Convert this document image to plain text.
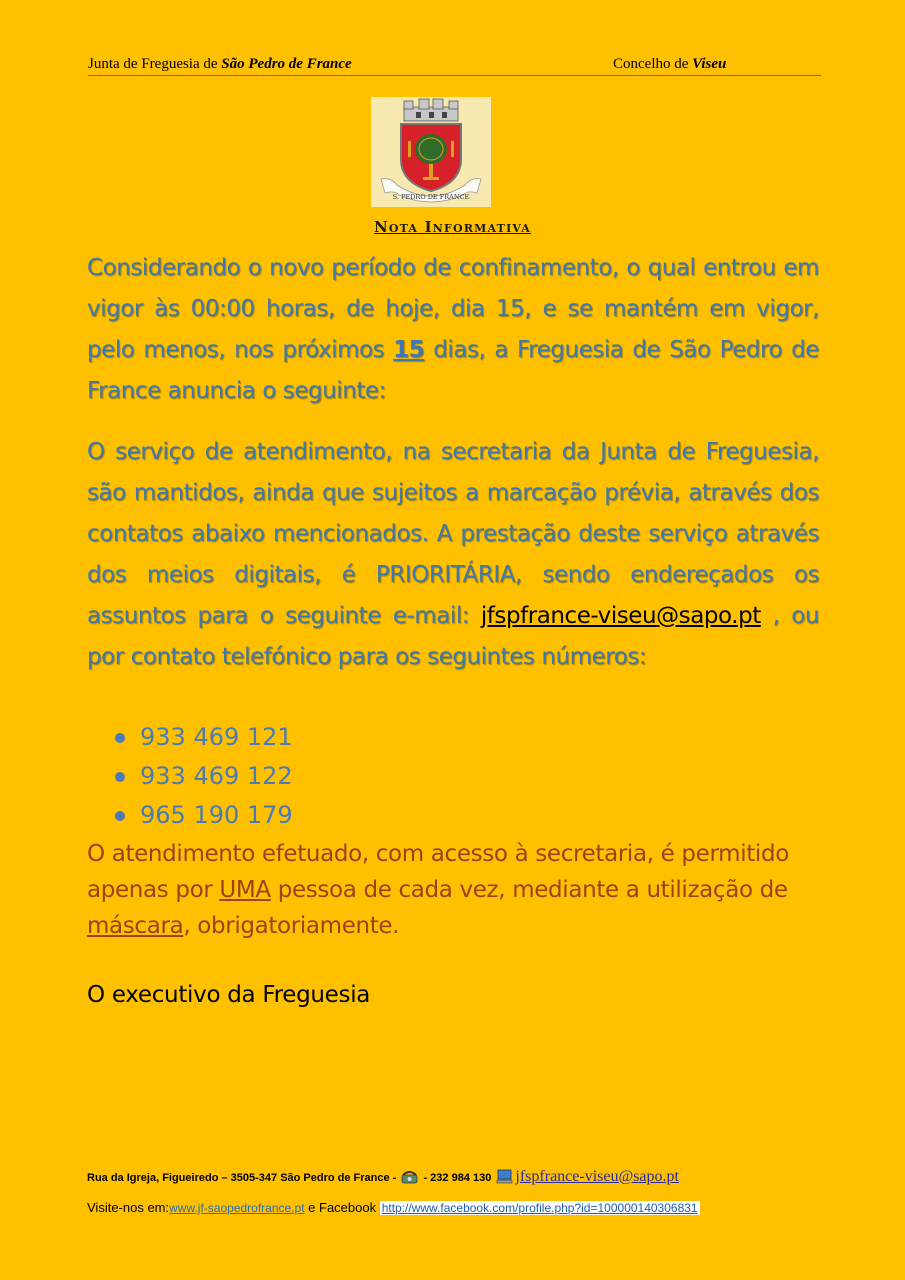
Junta de Freguesia de São Pedro de France	Concelho de Viseu
S. PEDRO DE FRANCE
Nota Informativa
Considerando o novo período de confinamento, o qual entrou em vigor às 00:00 horas, de hoje, dia 15, e se mantém em vigor, pelo menos, nos próximos 15 dias, a Freguesia de São Pedro de France anuncia o seguinte:
O serviço de atendimento, na secretaria da Junta de Freguesia, são mantidos, ainda que sujeitos a marcação prévia, através dos contatos abaixo mencionados. A prestação deste serviço através dos meios digitais, é PRIORITÁRIA, sendo endereçados os assuntos para o seguinte e-mail: jfspfrance-viseu@sapo.pt , ou por contato telefónico para os seguintes números:
933 469 121
933 469 122
965 190 179
O atendimento efetuado, com acesso à secretaria, é permitido apenas por UMA pessoa de cada vez, mediante a utilização de máscara, obrigatoriamente.
O executivo da Freguesia
Rua da Igreja, Figueiredo – 3505-347 São Pedro de France -  - 232 984 130 jfspfrance-viseu@sapo.pt
Visite-nos em:www.jf-saopedrofrance.pt e Facebook http://www.facebook.com/profile.php?id=100000140306831
